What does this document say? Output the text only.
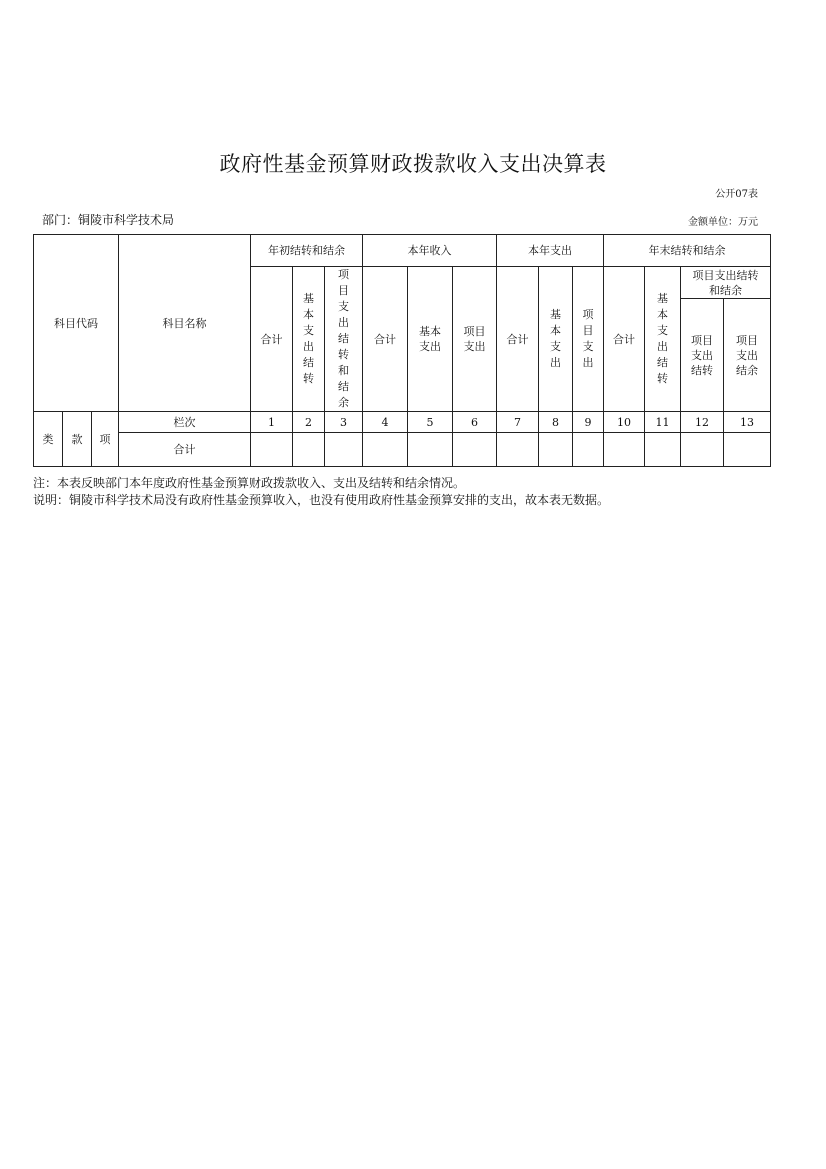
政府性基金预算财政拨款收入支出决算表
公开07表
部门：铜陵市科学技术局	金额单位：万元
科目代码			科目名称	年初结转和结余			本年收入			本年支出			年末结转和结余			
				合计	基本支出结转	项目支出结转和结余	合计	基本支出	项目支出	合计	基本支出	项目支出	合计	基本支出结转	项目支出结转和结余	
															项目支出结转	项目支出结余
类	款	项	栏次	1	2	3	4	5	6	7	8	9	10	11	12	13
			合计													
注：本表反映部门本年度政府性基金预算财政拨款收入、支出及结转和结余情况。
说明：铜陵市科学技术局没有政府性基金预算收入，也没有使用政府性基金预算安排的支出，故本表无数据。
